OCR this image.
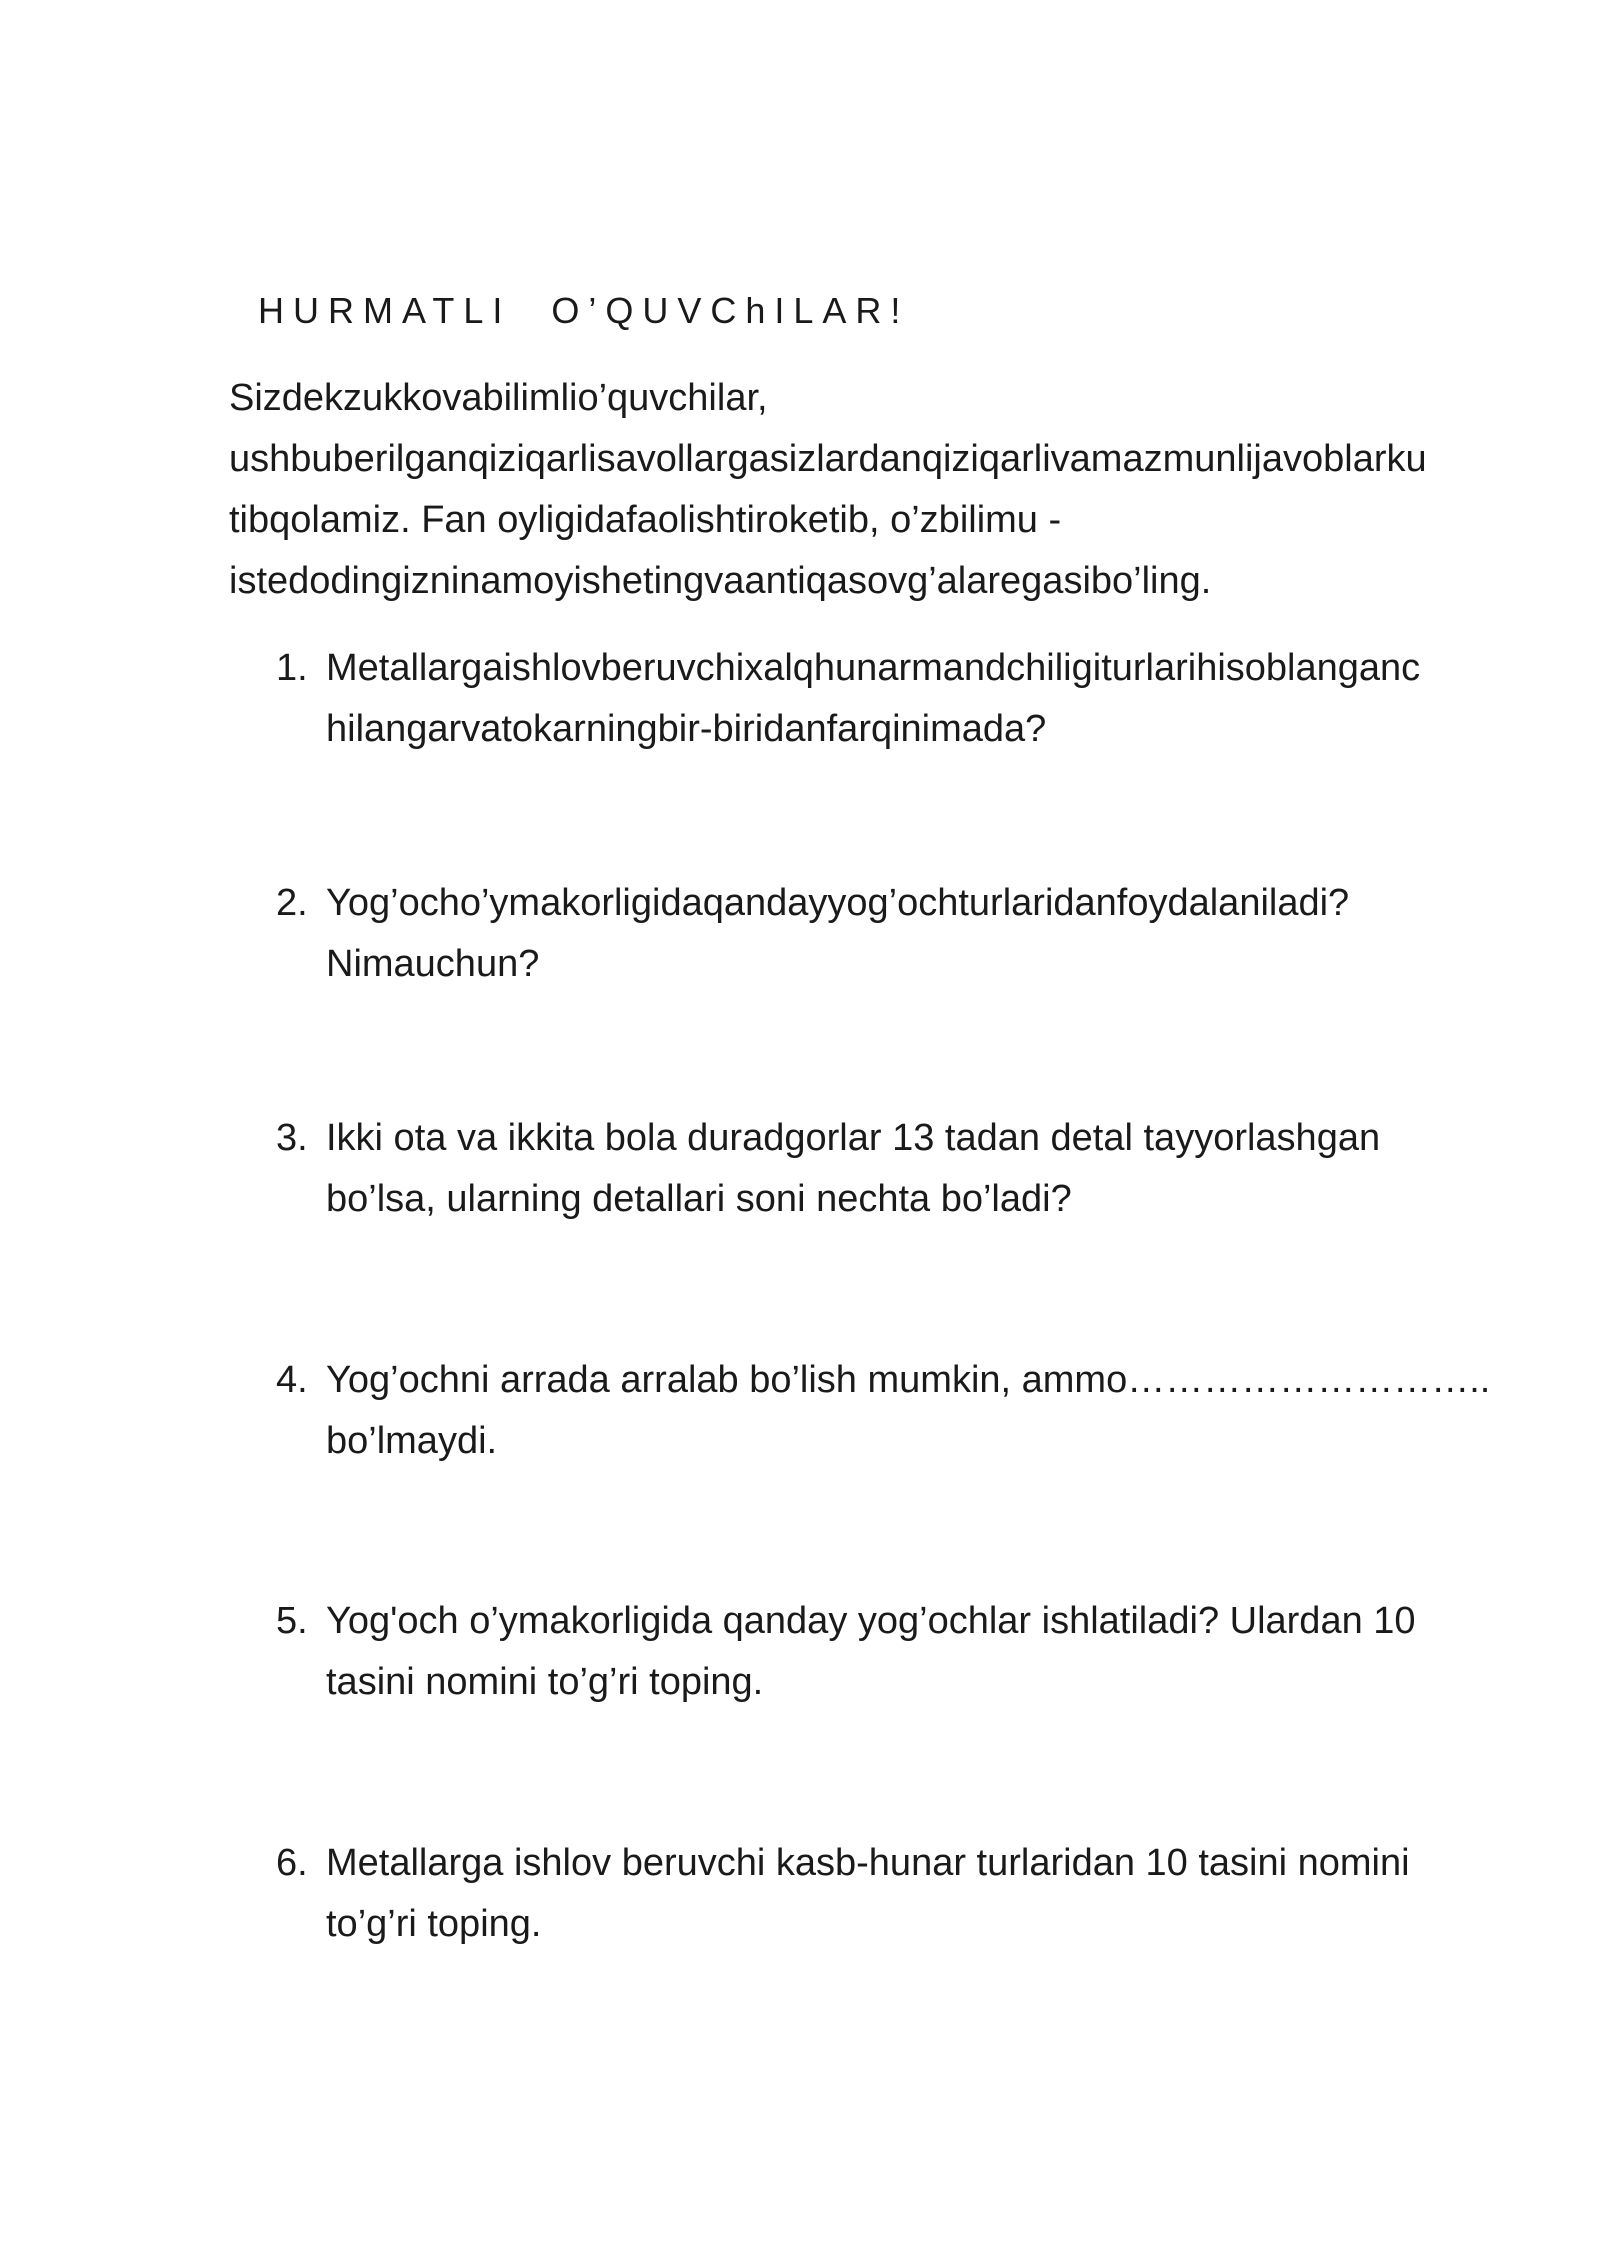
HURMATLI O’QUVChILAR!
Sizdekzukkovabilimlio’quvchilar,
ushbuberilganqiziqarlisavollargasizlardanqiziqarlivamazmunlijavoblarku
tibqolamiz. Fan oyligidafaolishtiroketib, o’zbilimu -
istedodingizninamoyishetingvaantiqasovg’alaregasibo’ling.
1. Metallargaishlovberuvchixalqhunarmandchiligiturlarihisoblanganc
hilangarvatokarningbir-biridanfarqinimada?
2. Yog’ocho’ymakorligidaqandayyog’ochturlaridanfoydalaniladi?
Nimauchun?
3. Ikki ota va ikkita bola duradgorlar 13 tadan detal tayyorlashgan
bo’lsa, ularning detallari soni nechta bo’ladi?
4. Yog’ochni arrada arralab bo’lish mumkin, ammo………………………..
bo’lmaydi.
5. Yog'och o’ymakorligida qanday yog’ochlar ishlatiladi? Ulardan 10
tasini nomini to’g’ri toping.
6. Metallarga ishlov beruvchi kasb-hunar turlaridan 10 tasini nomini
to’g’ri toping.
